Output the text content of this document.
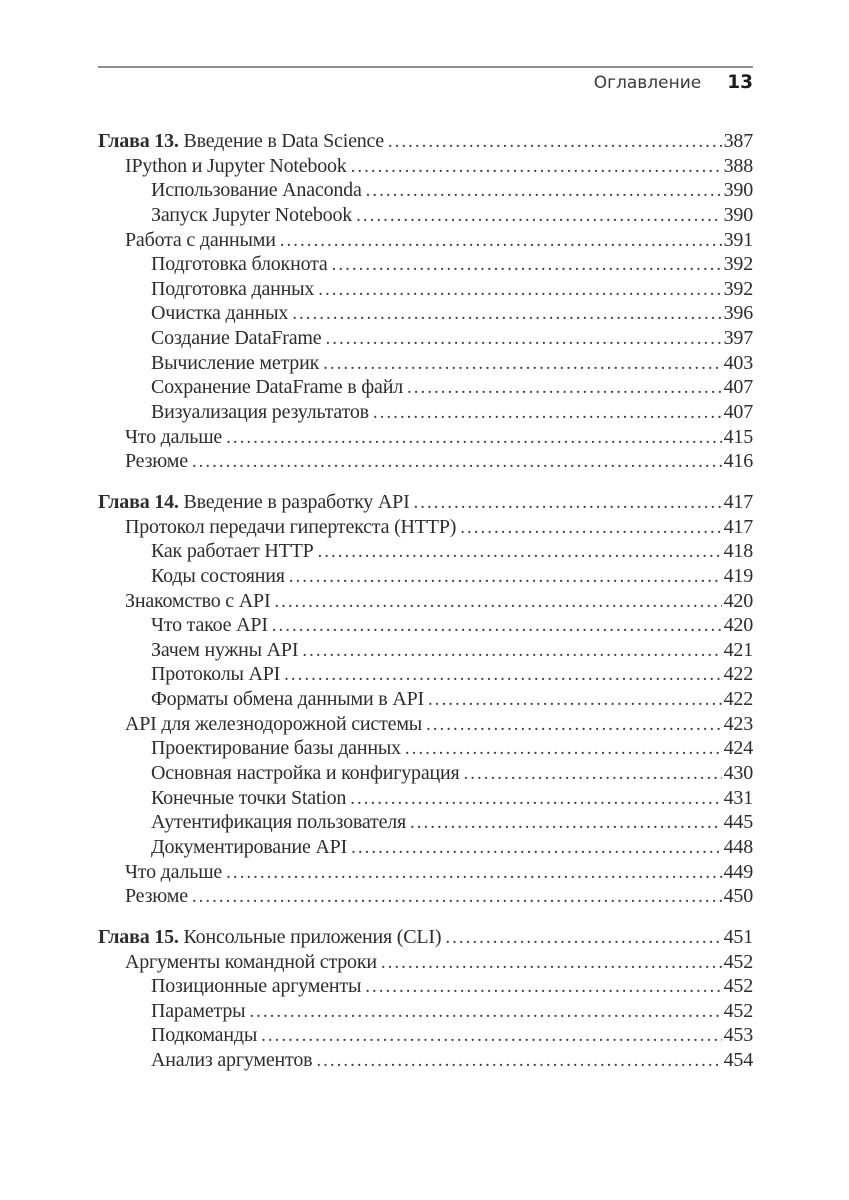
Оглавление 13
Глава 13. Введение в Data Science .....	387
IPython и Jupyter Notebook .....	388
Использование Anaconda .....	390
Запуск Jupyter Notebook .....	390
Работа с данными .....	391
Подготовка блокнота .....	392
Подготовка данных .....	392
Очистка данных .....	396
Создание DataFrame .....	397
Вычисление метрик .....	403
Сохранение DataFrame в файл .....	407
Визуализация результатов .....	407
Что дальше .....	415
Резюме .....	416
Глава 14. Введение в разработку API .....	417
Протокол передачи гипертекста (HTTP) .....	417
Как работает HTTP .....	418
Коды состояния .....	419
Знакомство с API .....	420
Что такое API .....	420
Зачем нужны API .....	421
Протоколы API .....	422
Форматы обмена данными в API .....	422
API для железнодорожной системы .....	423
Проектирование базы данных .....	424
Основная настройка и конфигурация .....	430
Конечные точки Station .....	431
Аутентификация пользователя .....	445
Документирование API .....	448
Что дальше .....	449
Резюме .....	450
Глава 15. Консольные приложения (CLI) .....	451
Аргументы командной строки .....	452
Позиционные аргументы .....	452
Параметры .....	452
Подкоманды .....	453
Анализ аргументов .....	454
